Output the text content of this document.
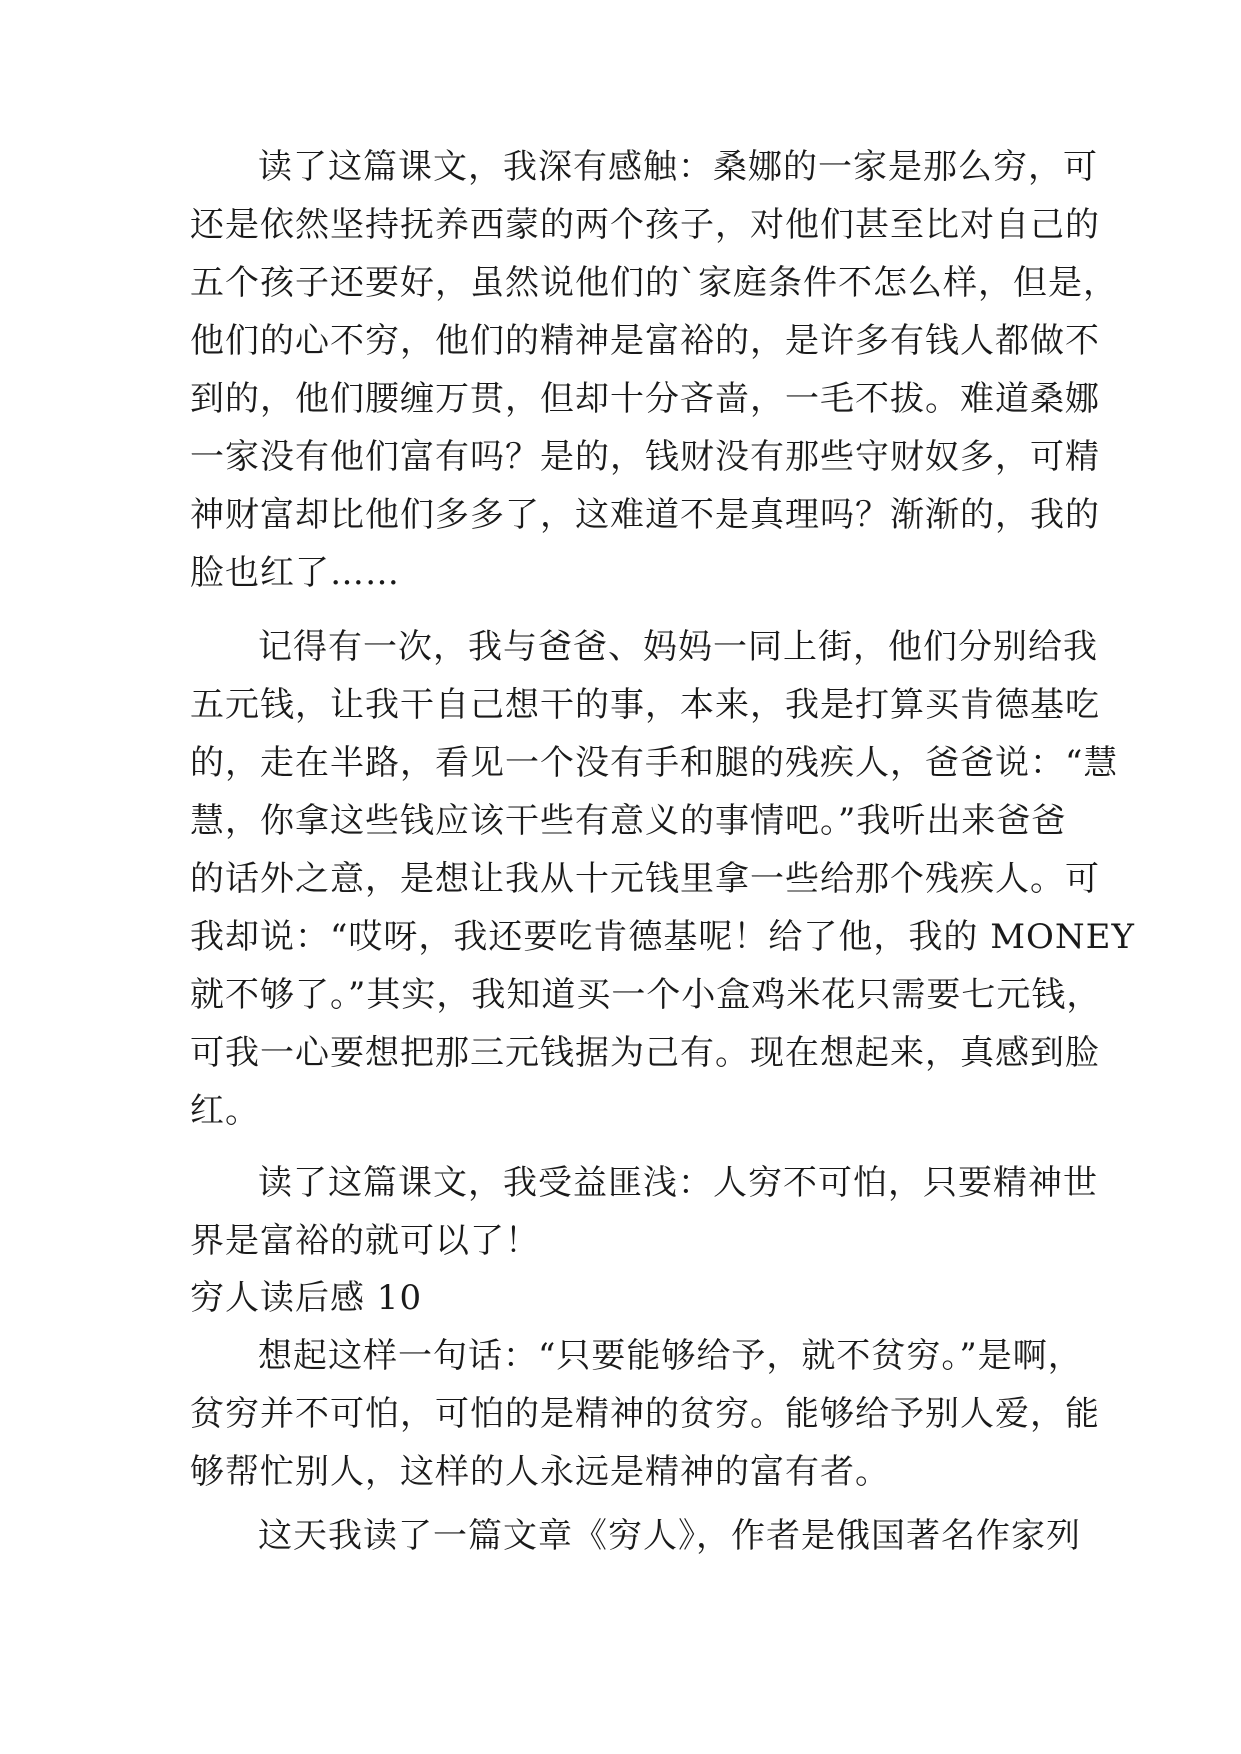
读了这篇课文，我深有感触：桑娜的一家是那么穷，可
还是依然坚持抚养西蒙的两个孩子，对他们甚至比对自己的
五个孩子还要好，虽然说他们的`家庭条件不怎么样，但是，
他们的心不穷，他们的精神是富裕的，是许多有钱人都做不
到的，他们腰缠万贯，但却十分吝啬，一毛不拔。难道桑娜
一家没有他们富有吗？是的，钱财没有那些守财奴多，可精
神财富却比他们多多了，这难道不是真理吗？渐渐的，我的
脸也红了……
记得有一次，我与爸爸、妈妈一同上街，他们分别给我
五元钱，让我干自己想干的事，本来，我是打算买肯德基吃
的，走在半路，看见一个没有手和腿的残疾人，爸爸说：“慧
慧，你拿这些钱应该干些有意义的事情吧。”我听出来爸爸
的话外之意，是想让我从十元钱里拿一些给那个残疾人。可
我却说：“哎呀，我还要吃肯德基呢！给了他，我的 MONEY
就不够了。”其实，我知道买一个小盒鸡米花只需要七元钱，
可我一心要想把那三元钱据为己有。现在想起来，真感到脸
红。
读了这篇课文，我受益匪浅：人穷不可怕，只要精神世
界是富裕的就可以了！
穷人读后感 10
想起这样一句话：“只要能够给予，就不贫穷。”是啊，
贫穷并不可怕，可怕的是精神的贫穷。能够给予别人爱，能
够帮忙别人，这样的人永远是精神的富有者。
这天我读了一篇文章《穷人》，作者是俄国著名作家列
